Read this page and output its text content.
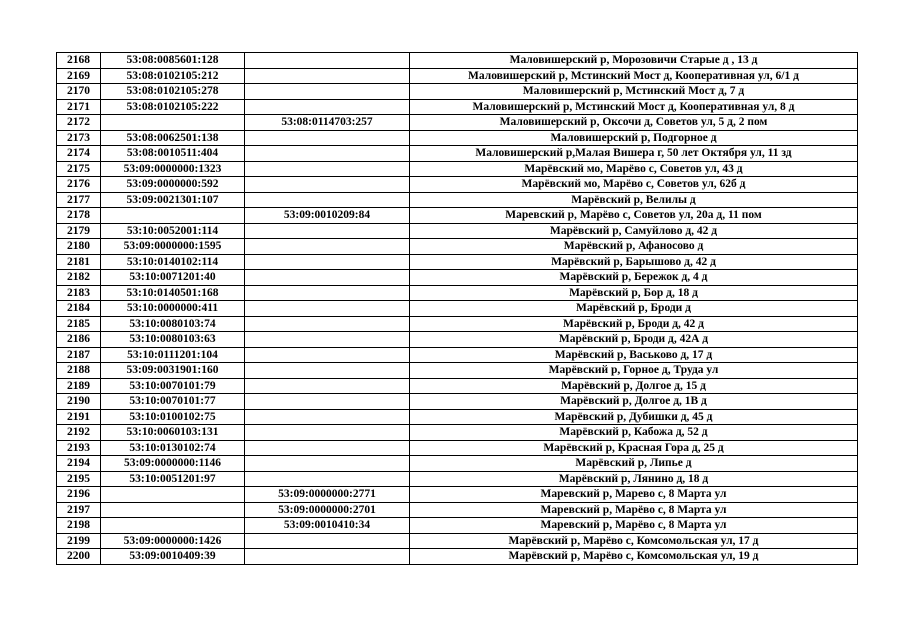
2168	53:08:0085601:128		Маловишерский р, Морозовичи Старые д , 13 д
2169	53:08:0102105:212		Маловишерский р, Мстинский Мост д, Кооперативная ул, 6/1 д
2170	53:08:0102105:278		Маловишерский р, Мстинский Мост д, 7 д
2171	53:08:0102105:222		Маловишерский р, Мстинский Мост д, Кооперативная ул, 8 д
2172		53:08:0114703:257	Маловишерский р, Оксочи д, Советов ул, 5 д, 2 пом
2173	53:08:0062501:138		Маловишерский р, Подгорное д
2174	53:08:0010511:404		Маловишерский р,Малая Вишера г, 50 лет Октября ул, 11 зд
2175	53:09:0000000:1323		Марёвский мо, Марёво с, Советов ул, 43 д
2176	53:09:0000000:592		Марёвский мо, Марёво с, Советов ул, 62б д
2177	53:09:0021301:107		Марёвский р, Велилы д
2178		53:09:0010209:84	Маревский р, Марёво с, Советов ул, 20а д, 11 пом
2179	53:10:0052001:114		Марёвский р, Самуйлово д, 42 д
2180	53:09:0000000:1595		Марёвский р, Афаносово д
2181	53:10:0140102:114		Марёвский р, Барышово д, 42 д
2182	53:10:0071201:40		Марёвский р, Бережок д, 4 д
2183	53:10:0140501:168		Марёвский р, Бор д, 18 д
2184	53:10:0000000:411		Марёвский р, Броди д
2185	53:10:0080103:74		Марёвский р, Броди д, 42 д
2186	53:10:0080103:63		Марёвский р, Броди д, 42А д
2187	53:10:0111201:104		Марёвский р, Васьково д, 17 д
2188	53:09:0031901:160		Марёвский р, Горное д, Труда ул
2189	53:10:0070101:79		Марёвский р, Долгое д, 15 д
2190	53:10:0070101:77		Марёвский р, Долгое д, 1В д
2191	53:10:0100102:75		Марёвский р, Дубишки д, 45 д
2192	53:10:0060103:131		Марёвский р, Кабожа д, 52 д
2193	53:10:0130102:74		Марёвский р, Красная Гора д, 25 д
2194	53:09:0000000:1146		Марёвский р, Липье д
2195	53:10:0051201:97		Марёвский р, Лянино д, 18 д
2196		53:09:0000000:2771	Маревский р, Марево с, 8 Марта ул
2197		53:09:0000000:2701	Маревский р, Марёво с, 8 Марта ул
2198		53:09:0010410:34	Маревский р, Марёво с, 8 Марта ул
2199	53:09:0000000:1426		Марёвский р, Марёво с, Комсомольская ул, 17 д
2200	53:09:0010409:39		Марёвский р, Марёво с, Комсомольская ул, 19 д
